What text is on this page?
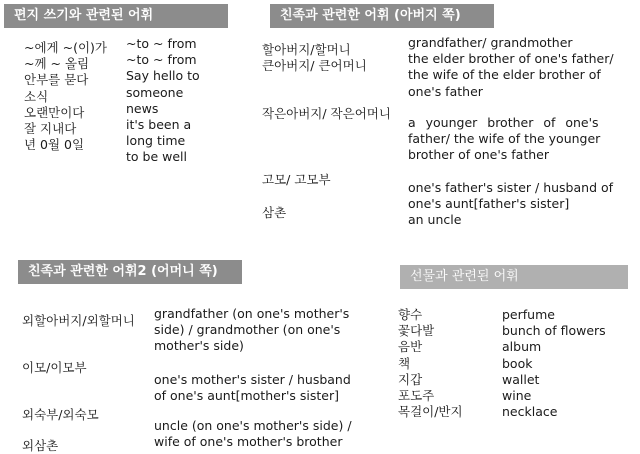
편지 쓰기와 관련된 어휘
~에게 ~(이)가
~께 ~ 올림
안부를 묻다
소식
오랜만이다
잘 지내다
년 0월 0일
~to ~ from
~to ~ from
Say hello to
someone
news
it's been a
long time
to be well
친족과 관련한 어휘 (아버지 쪽)
할아버지/할머니
큰아버지/ 큰어머니
grandfather/ grandmother
the elder brother of one's father/
the wife of the elder brother of
one's father
작은아버지/ 작은어머니
a younger brother of one's
father/ the wife of the younger
brother of one's father
고모/ 고모부
삼촌
one's father's sister / husband of
one's aunt[father's sister]
an uncle
친족과 관련한 어휘2 (어머니 쪽)
외할아버지/외할머니 grandfather (on one's mother's
side) / grandmother (on one's
mother's side)
이모/이모부
one's mother's sister / husband
of one's aunt[mother's sister]
외숙부/외숙모
외삼촌
uncle (on one's mother's side) /
wife of one's mother's brother
선물과 관련된 어휘
향수
꽃다발
음반
책
지갑
포도주
목걸이/반지
perfume
bunch of flowers
album
book
wallet
wine
necklace
